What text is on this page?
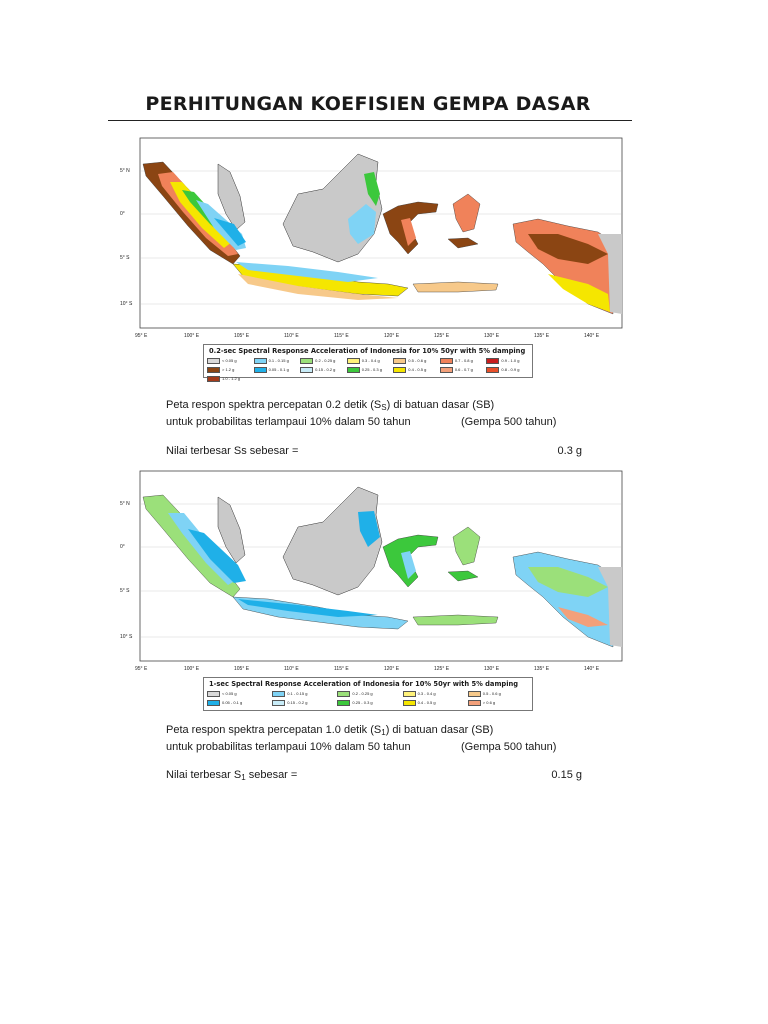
PERHITUNGAN KOEFISIEN GEMPA DASAR
5° N
0°
5° S
10° S
95° E	100° E	105° E	110° E	115° E	120° E	125° E	130° E	135° E	140° E
0.2-sec Spectral Response Acceleration of Indonesia for 10% 50yr with 5% damping
< 0.05 g	0.1 - 0.15 g	0.2 - 0.25 g	0.3 - 0.4 g	0.5 - 0.6 g	0.7 - 0.8 g	0.9 - 1.0 g
> 1.2 g	0.05 - 0.1 g	0.15 - 0.2 g	0.25 - 0.3 g	0.4 - 0.5 g	0.6 - 0.7 g	0.8 - 0.9 g
1.0 - 1.2 g
Peta respon spektra percepatan 0.2 detik (SS) di batuan dasar (SB)
untuk probabilitas terlampaui 10% dalam 50 tahun	(Gempa 500 tahun)
Nilai terbesar Ss sebesar =	0.3 g
5° N
0°
5° S
10° S
95° E	100° E	105° E	110° E	115° E	120° E	125° E	130° E	135° E	140° E
1-sec Spectral Response Acceleration of Indonesia for 10% 50yr with 5% damping
< 0.05 g	0.1 - 0.15 g	0.2 - 0.25 g	0.3 - 0.4 g	0.5 - 0.6 g
0.05 - 0.1 g	0.15 - 0.2 g	0.25 - 0.3 g	0.4 - 0.5 g	> 0.6 g
Peta respon spektra percepatan 1.0 detik (S1) di batuan dasar (SB)
untuk probabilitas terlampaui 10% dalam 50 tahun	(Gempa 500 tahun)
Nilai terbesar S1 sebesar =	0.15 g
